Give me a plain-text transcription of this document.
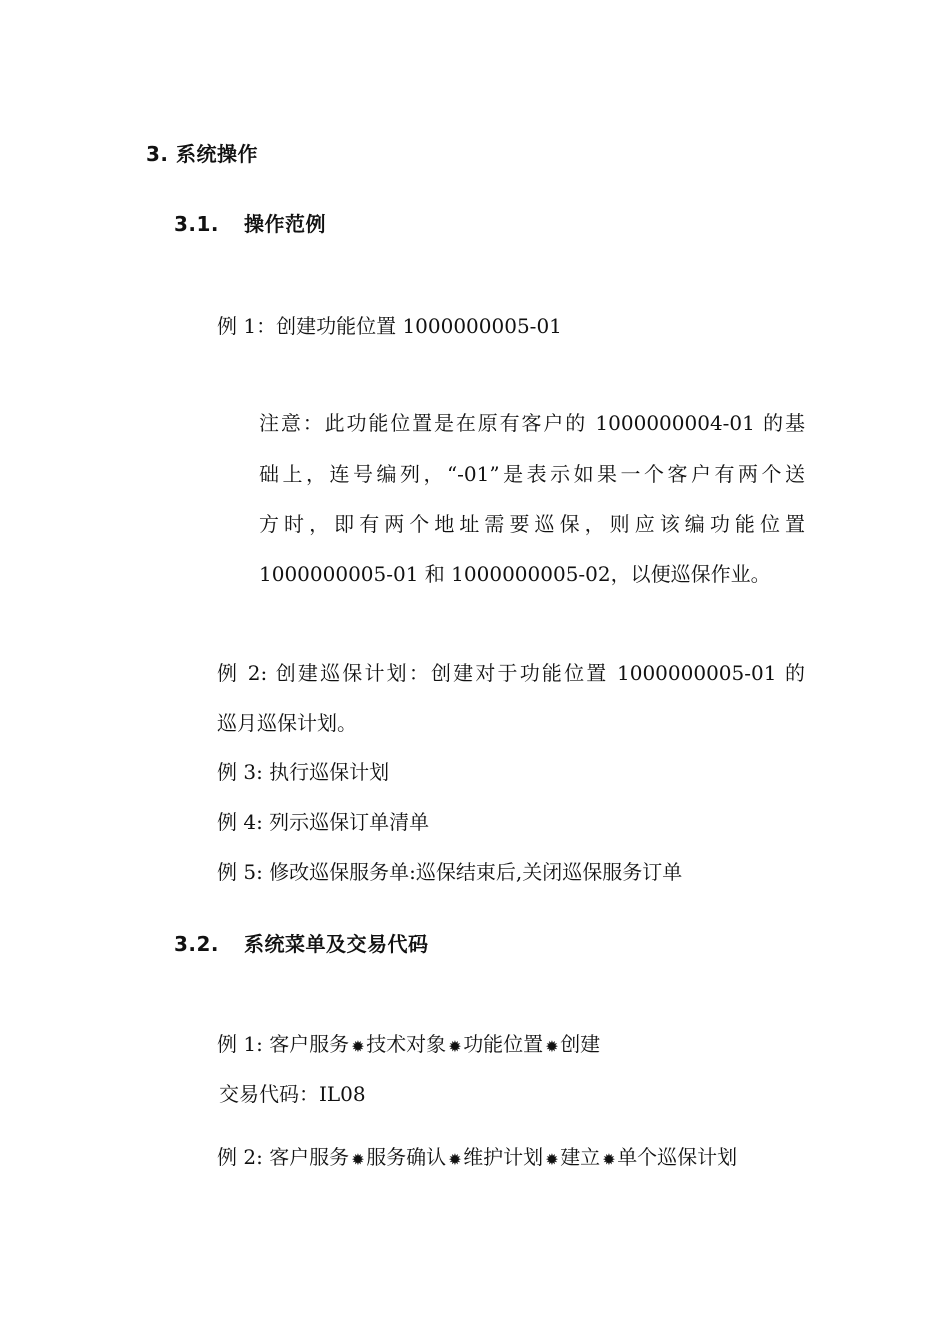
3. 系统操作
3.1. 操作范例
例 1：创建功能位置 1000000005-01
注意：此功能位置是在原有客户的 1000000004-01 的基
础上，连号编列，“-01”是表示如果一个客户有两个送
方时，即有两个地址需要巡保，则应该编功能位置
1000000005-01 和 1000000005-02，以便巡保作业。
例 2: 创建巡保计划：创建对于功能位置 1000000005-01 的
巡月巡保计划。
例 3: 执行巡保计划
例 4: 列示巡保订单清单
例 5: 修改巡保服务单:巡保结束后,关闭巡保服务订单
3.2. 系统菜单及交易代码
例 1: 客户服务 ✹技术对象 ✹功能位置 ✹创建
交易代码：IL08
例 2: 客户服务 ✹服务确认 ✹维护计划 ✹建立 ✹单个巡保计划
